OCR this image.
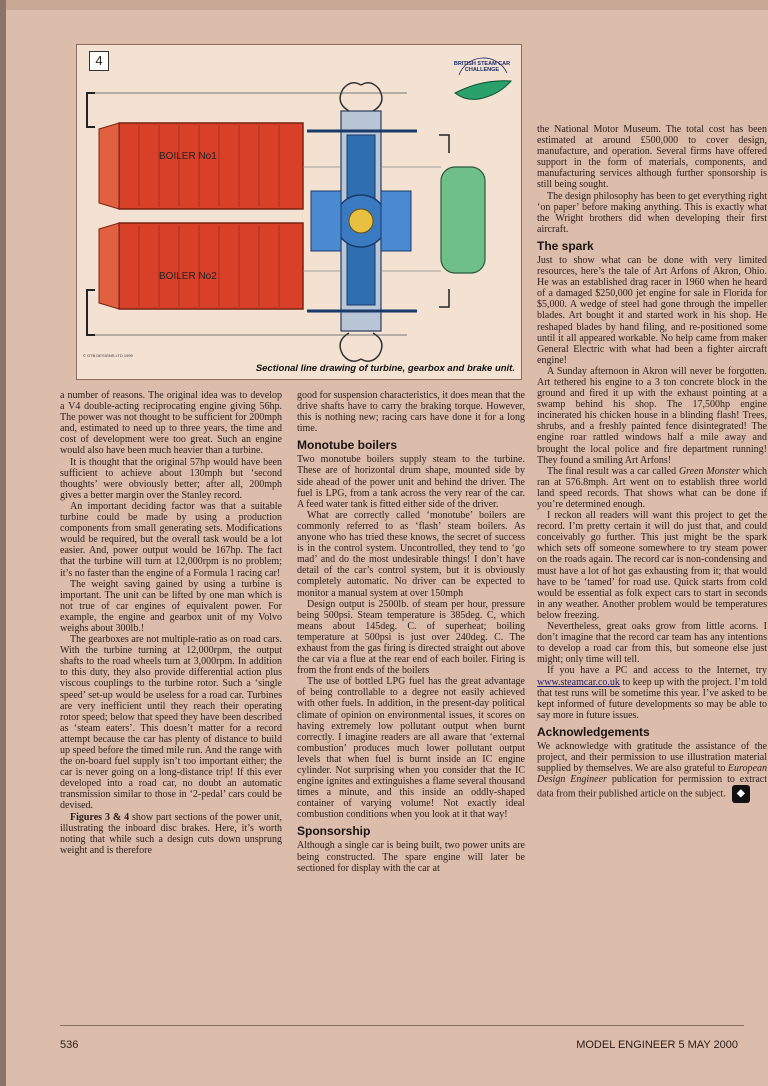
4
BOILER No1
BOILER No2
BRITISH STEAM CAR CHALLENGE
© GTB DESIGNS LTD 1999
Sectional line drawing of turbine, gearbox and brake unit.

a number of reasons. The original idea was to develop a V4 double-acting reciprocating engine giving 56hp. The power was not thought to be sufficient for 200mph and, estimated to need up to three years, the time and cost of development were too great. Such an engine would also have been much heavier than a turbine.

It is thought that the original 57hp would have been sufficient to achieve about 130mph but ‘second thoughts’ were obviously better; after all, 200mph gives a better margin over the Stanley record.

An important deciding factor was that a suitable turbine could be made by using a production components from small generating sets. Modifications would be required, but the overall task would be a lot easier. And, power output would be 167hp. The fact that the turbine will turn at 12,000rpm is no problem; it’s no faster than the engine of a Formula 1 racing car!

The weight saving gained by using a turbine is important. The unit can be lifted by one man which is not true of car engines of equivalent power. For example, the engine and gearbox unit of my Volvo weighs about 300lb.!

The gearboxes are not multiple-ratio as on road cars. With the turbine turning at 12,000rpm, the output shafts to the road wheels turn at 3,000rpm. In addition to this duty, they also provide differential action plus viscous couplings to the turbine rotor. Such a ‘single speed’ set-up would be useless for a road car. Turbines are very inefficient until they reach their operating rotor speed; below that speed they have been described as ‘steam eaters’. This doesn’t matter for a record attempt because the car has plenty of distance to build up speed before the timed mile run. And the range with the on-board fuel supply isn’t too important either; the car is never going on a long-distance trip! If this ever developed into a road car, no doubt an automatic transmission similar to those in ‘2-pedal’ cars could be devised.

Figures 3 & 4 show part sections of the power unit, illustrating the inboard disc brakes. Here, it’s worth noting that while such a design cuts down unsprung weight and is therefore

good for suspension characteristics, it does mean that the drive shafts have to carry the braking torque. However, this is nothing new; racing cars have done it for a long time.

Monotube boilers

Two monotube boilers supply steam to the turbine. These are of horizontal drum shape, mounted side by side ahead of the power unit and behind the driver. The fuel is LPG, from a tank across the very rear of the car. A feed water tank is fitted either side of the driver.

What are correctly called ‘monotube’ boilers are commonly referred to as ‘flash’ steam boilers. As anyone who has tried these knows, the secret of success is in the control system. Uncontrolled, they tend to ‘go mad’ and do the most undesirable things! I don’t have detail of the car’s control system, but it is obviously completely automatic. No driver can be expected to monitor a manual system at over 150mph

Design output is 2500lb. of steam per hour, pressure being 500psi. Steam temperature is 385deg. C, which means about 145deg. C. of superheat; boiling temperature at 500psi is just over 240deg. C. The exhaust from the gas firing is directed straight out above the car via a flue at the rear end of each boiler. Firing is from the front ends of the boilers

The use of bottled LPG fuel has the great advantage of being controllable to a degree not easily achieved with other fuels. In addition, in the present-day political climate of opinion on environmental issues, it scores on having extremely low pollutant output when burnt correctly. I imagine readers are all aware that ‘external combustion’ produces much lower pollutant output levels that when fuel is burnt inside an IC engine cylinder. Not surprising when you consider that the IC engine ignites and extinguishes a flame several thousand times a minute, and this inside an oddly-shaped container of varying volume! Not exactly ideal combustion conditions when you look at it that way!

Sponsorship

Although a single car is being built, two power units are being constructed. The spare engine will later be sectioned for display with the car at

the National Motor Museum. The total cost has been estimated at around £500,000 to cover design, manufacture, and operation. Several firms have offered support in the form of materials, components, and manufacturing services although further sponsorship is still being sought.

The design philosophy has been to get everything right ‘on paper’ before making anything. This is exactly what the Wright brothers did when developing their first aircraft.

The spark

Just to show what can be done with very limited resources, here’s the tale of Art Arfons of Akron, Ohio. He was an established drag racer in 1960 when he heard of a damaged $250,000 jet engine for sale in Florida for $5,000. A wedge of steel had gone through the impeller blades. Art bought it and started work in his shop. He reshaped blades by hand filing, and re-positioned some until it all appeared workable. No help came from maker General Electric with what had been a fighter aircraft engine!

A Sunday afternoon in Akron will never be forgotten. Art tethered his engine to a 3 ton concrete block in the ground and fired it up with the exhaust pointing at a swamp behind his shop. The 17,500hp engine incinerated his chicken house in a blinding flash! Trees, shrubs, and a freshly painted fence disintegrated! The engine roar rattled windows half a mile away and brought the local police and fire department running! They found a smiling Art Arfons!

The final result was a car called Green Monster which ran at 576.8mph. Art went on to establish three world land speed records. That shows what can be done if you’re determined enough.

I reckon all readers will want this project to get the record. I’m pretty certain it will do just that, and could conceivably go further. This just might be the spark which sets off someone somewhere to try steam power on the roads again. The record car is non-condensing and must have a lot of hot gas exhausting from it; that would have to be ‘tamed’ for road use. Quick starts from cold would be essential as folk expect cars to start in seconds in any weather. Another problem would be temperatures below freezing.

Nevertheless, great oaks grow from little acorns. I don’t imagine that the record car team has any intentions to develop a road car from this, but someone else just might; only time will tell.

If you have a PC and access to the Internet, try www.steamcar.co.uk to keep up with the project. I’m told that test runs will be sometime this year. I’ve asked to be kept informed of future developments so may be able to say more in future issues.

Acknowledgements

We acknowledge with gratitude the assistance of the project, and their permission to use illustration material supplied by themselves. We are also grateful to European Design Engineer publication for permission to extract data from their published article on the subject. ◆

536	MODEL ENGINEER 5 MAY 2000
